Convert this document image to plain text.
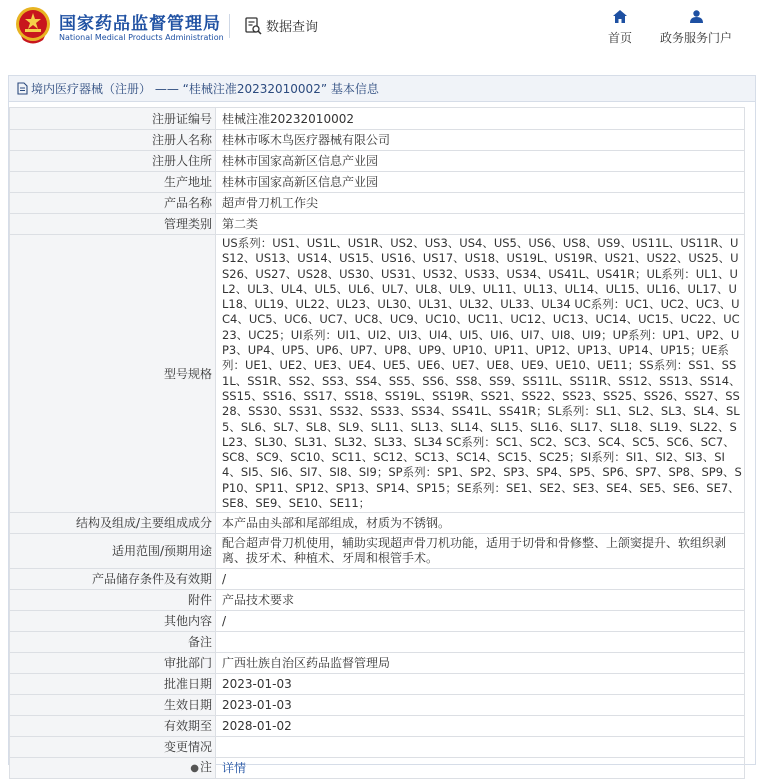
国家药品监督管理局
National Medical Products Administration
数据查询
首页 政务服务门户
境内医疗器械（注册） —— “桂械注准20232010002” 基本信息
注册证编号	桂械注准20232010002
注册人名称	桂林市啄木鸟医疗器械有限公司
注册人住所	桂林市国家高新区信息产业园
生产地址	桂林市国家高新区信息产业园
产品名称	超声骨刀机工作尖
管理类别	第二类
型号规格	US系列：US1、US1L、US1R、US2、US3、US4、US5、US6、US8、US9、US11L、US11R、US12、US13、US14、US15、US16、US17、US18、US19L、US19R、US21、US22、US25、US26、US27、US28、US30、US31、US32、US33、US34、US41L、US41R；UL系列：UL1、UL2、UL3、UL4、UL5、UL6、UL7、UL8、UL9、UL11、UL13、UL14、UL15、UL16、UL17、UL18、UL19、UL22、UL23、UL30、UL31、UL32、UL33、UL34 UC系列：UC1、UC2、UC3、UC4、UC5、UC6、UC7、UC8、UC9、UC10、UC11、UC12、UC13、UC14、UC15、UC22、UC23、UC25；UI系列：UI1、UI2、UI3、UI4、UI5、UI6、UI7、UI8、UI9；UP系列：UP1、UP2、UP3、UP4、UP5、UP6、UP7、UP8、UP9、UP10、UP11、UP12、UP13、UP14、UP15；UE系列：UE1、UE2、UE3、UE4、UE5、UE6、UE7、UE8、UE9、UE10、UE11；SS系列：SS1、SS1L、SS1R、SS2、SS3、SS4、SS5、SS6、SS8、SS9、SS11L、SS11R、SS12、SS13、SS14、SS15、SS16、SS17、SS18、SS19L、SS19R、SS21、SS22、SS23、SS25、SS26、SS27、SS28、SS30、SS31、SS32、SS33、SS34、SS41L、SS41R；SL系列：SL1、SL2、SL3、SL4、SL5、SL6、SL7、SL8、SL9、SL11、SL13、SL14、SL15、SL16、SL17、SL18、SL19、SL22、SL23、SL30、SL31、SL32、SL33、SL34 SC系列：SC1、SC2、SC3、SC4、SC5、SC6、SC7、SC8、SC9、SC10、SC11、SC12、SC13、SC14、SC15、SC25；SI系列：SI1、SI2、SI3、SI4、SI5、SI6、SI7、SI8、SI9；SP系列：SP1、SP2、SP3、SP4、SP5、SP6、SP7、SP8、SP9、SP10、SP11、SP12、SP13、SP14、SP15；SE系列：SE1、SE2、SE3、SE4、SE5、SE6、SE7、SE8、SE9、SE10、SE11；
结构及组成/主要组成成分	本产品由头部和尾部组成，材质为不锈钢。
适用范围/预期用途	配合超声骨刀机使用，辅助实现超声骨刀机功能，适用于切骨和骨修整、上颌窦提升、软组织剥离、拔牙术、种植术、牙周和根管手术。
产品储存条件及有效期	/
附件	产品技术要求
其他内容	/
备注	
审批部门	广西壮族自治区药品监督管理局
批准日期	2023-01-03
生效日期	2023-01-03
有效期至	2028-01-02
变更情况	
●注	详情
